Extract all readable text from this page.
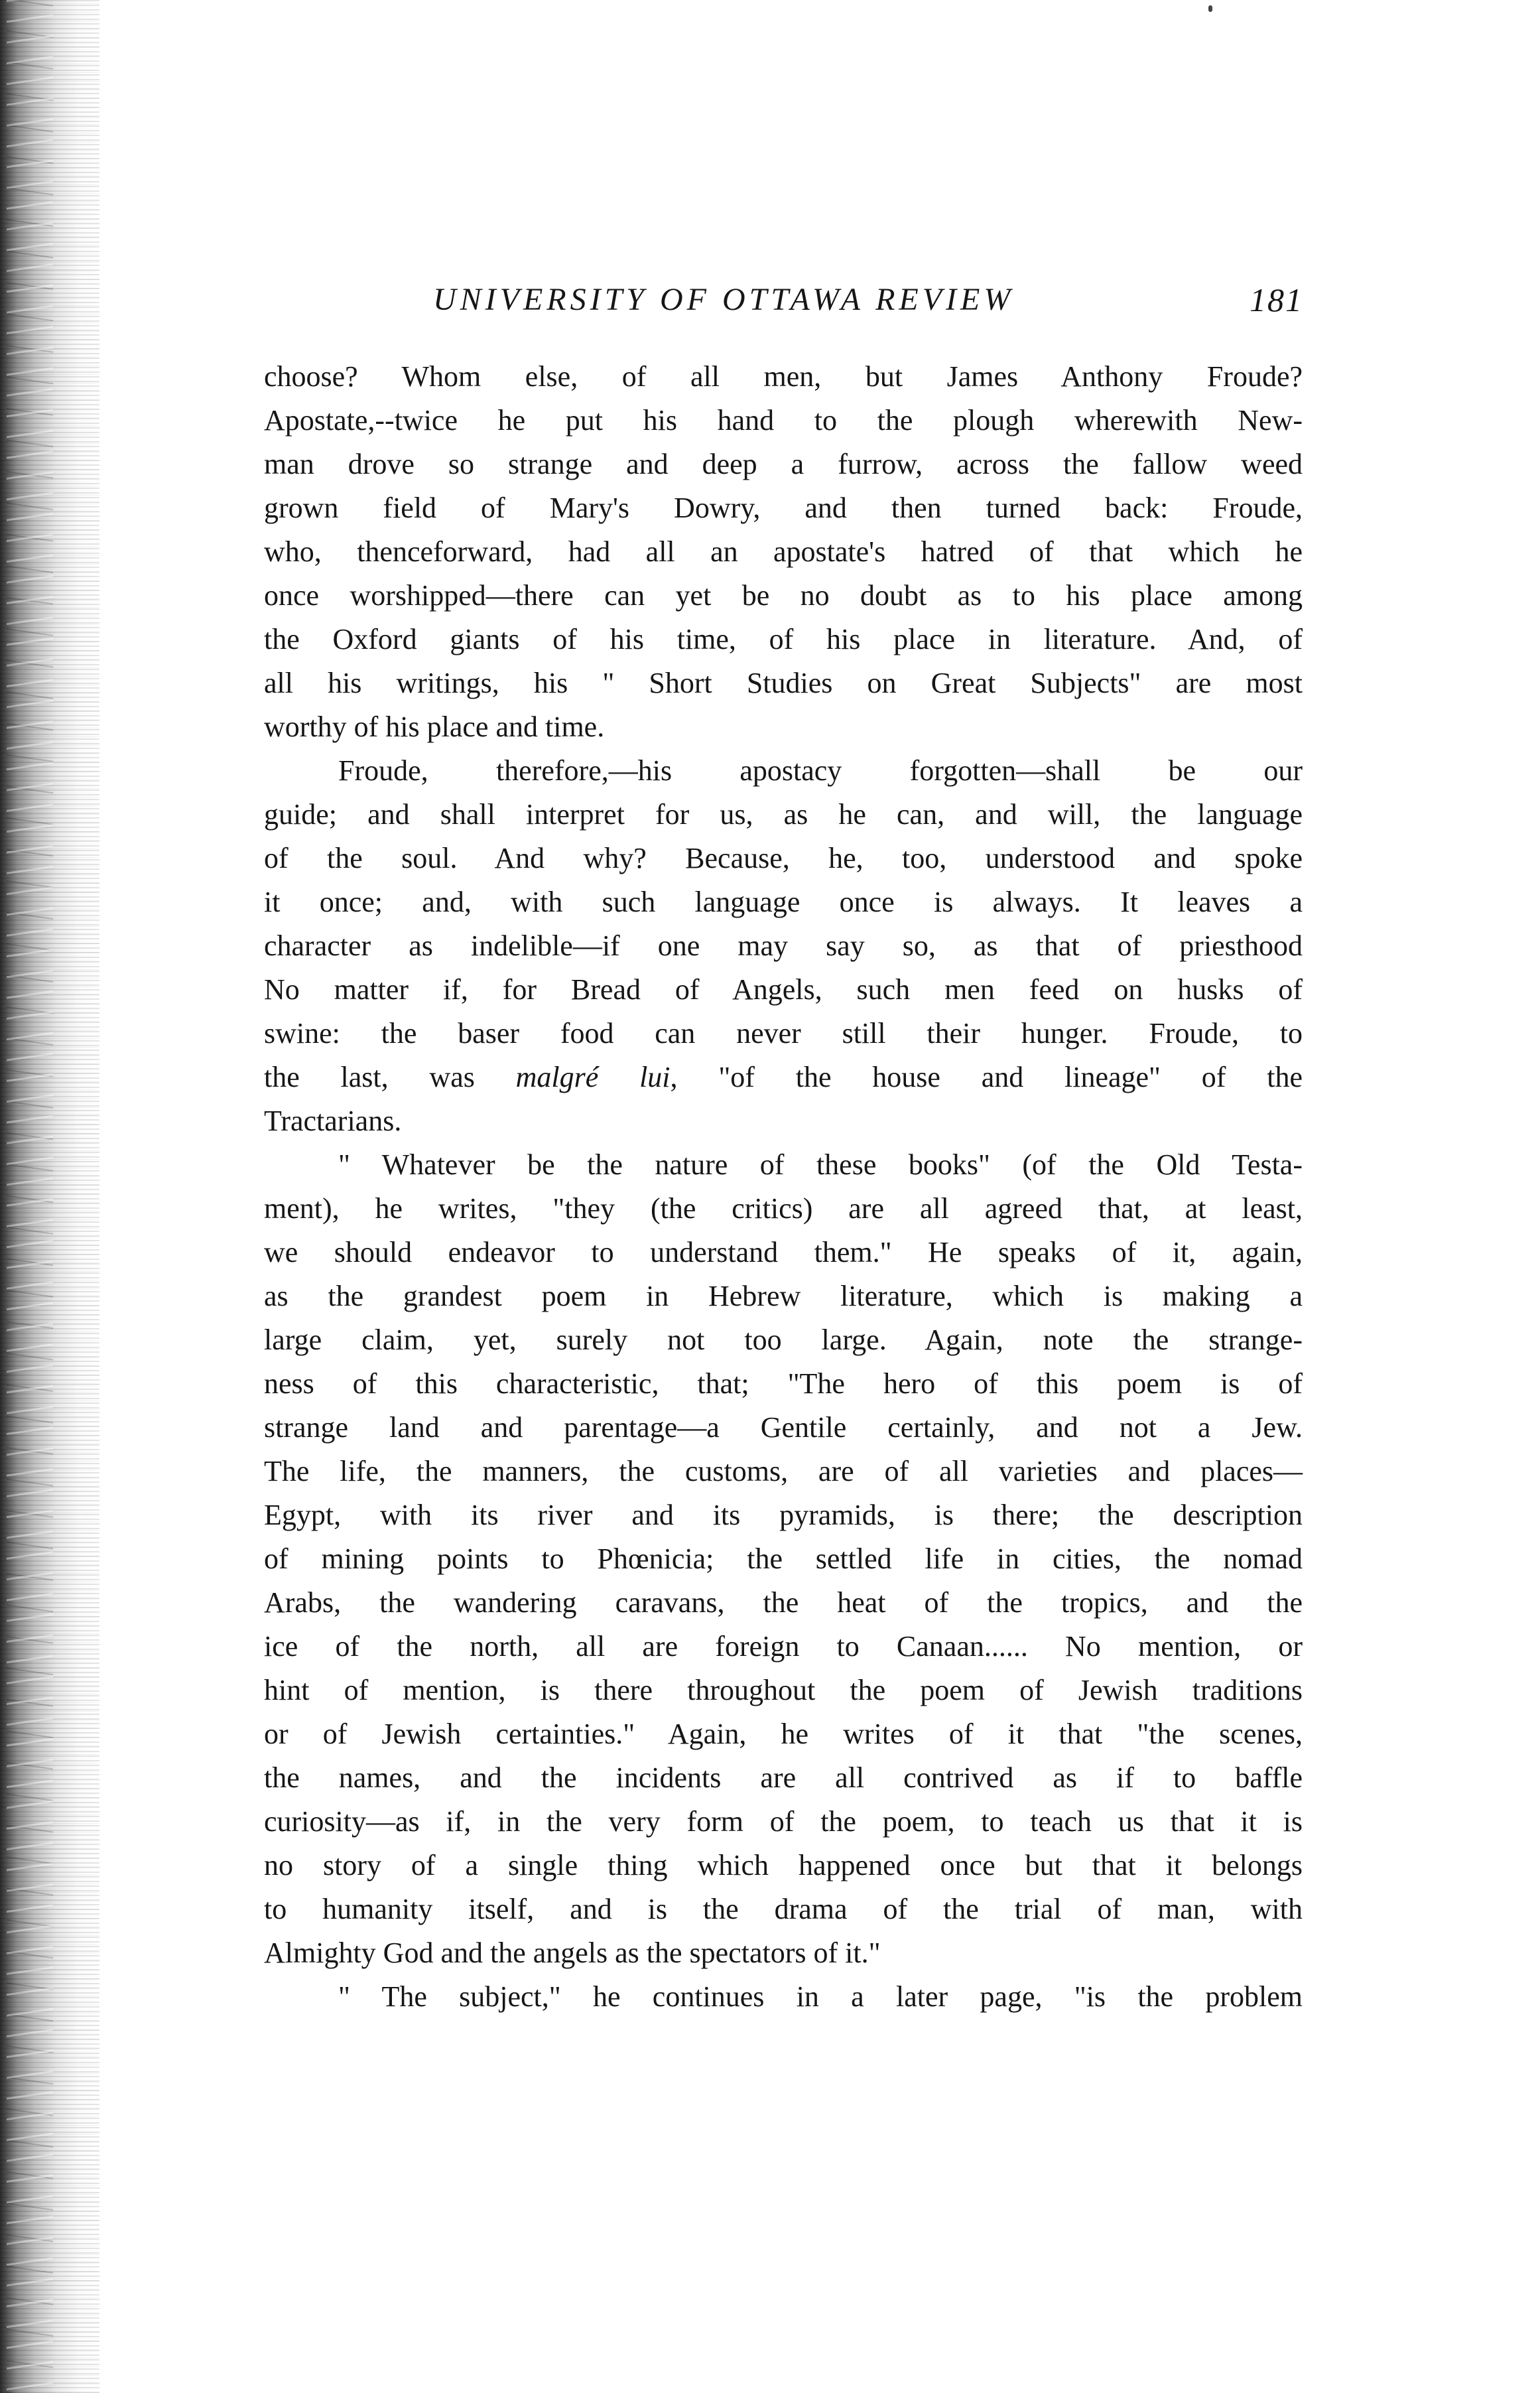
UNIVERSITY OF OTTAWA REVIEW	181
choose? Whom else, of all men, but James Anthony Froude?
Apostate,--twice he put his hand to the plough wherewith New-
man drove so strange and deep a furrow, across the fallow weed
grown field of Mary's Dowry, and then turned back: Froude,
who, thenceforward, had all an apostate's hatred of that which he
once worshipped—there can yet be no doubt as to his place among
the Oxford giants of his time, of his place in literature. And, of
all his writings, his " Short Studies on Great Subjects" are most
worthy of his place and time.
Froude, therefore,—his apostacy forgotten—shall be our
guide; and shall interpret for us, as he can, and will, the language
of the soul. And why? Because, he, too, understood and spoke
it once; and, with such language once is always. It leaves a
character as indelible—if one may say so, as that of priesthood
No matter if, for Bread of Angels, such men feed on husks of
swine: the baser food can never still their hunger. Froude, to
the last, was malgré lui, "of the house and lineage" of the
Tractarians.
" Whatever be the nature of these books" (of the Old Testa-
ment), he writes, "they (the critics) are all agreed that, at least,
we should endeavor to understand them." He speaks of it, again,
as the grandest poem in Hebrew literature, which is making a
large claim, yet, surely not too large. Again, note the strange-
ness of this characteristic, that; "The hero of this poem is of
strange land and parentage—a Gentile certainly, and not a Jew.
The life, the manners, the customs, are of all varieties and places—
Egypt, with its river and its pyramids, is there; the description
of mining points to Phœnicia; the settled life in cities, the nomad
Arabs, the wandering caravans, the heat of the tropics, and the
ice of the north, all are foreign to Canaan...... No mention, or
hint of mention, is there throughout the poem of Jewish traditions
or of Jewish certainties." Again, he writes of it that "the scenes,
the names, and the incidents are all contrived as if to baffle
curiosity—as if, in the very form of the poem, to teach us that it is
no story of a single thing which happened once but that it belongs
to humanity itself, and is the drama of the trial of man, with
Almighty God and the angels as the spectators of it."
" The subject," he continues in a later page, "is the problem
